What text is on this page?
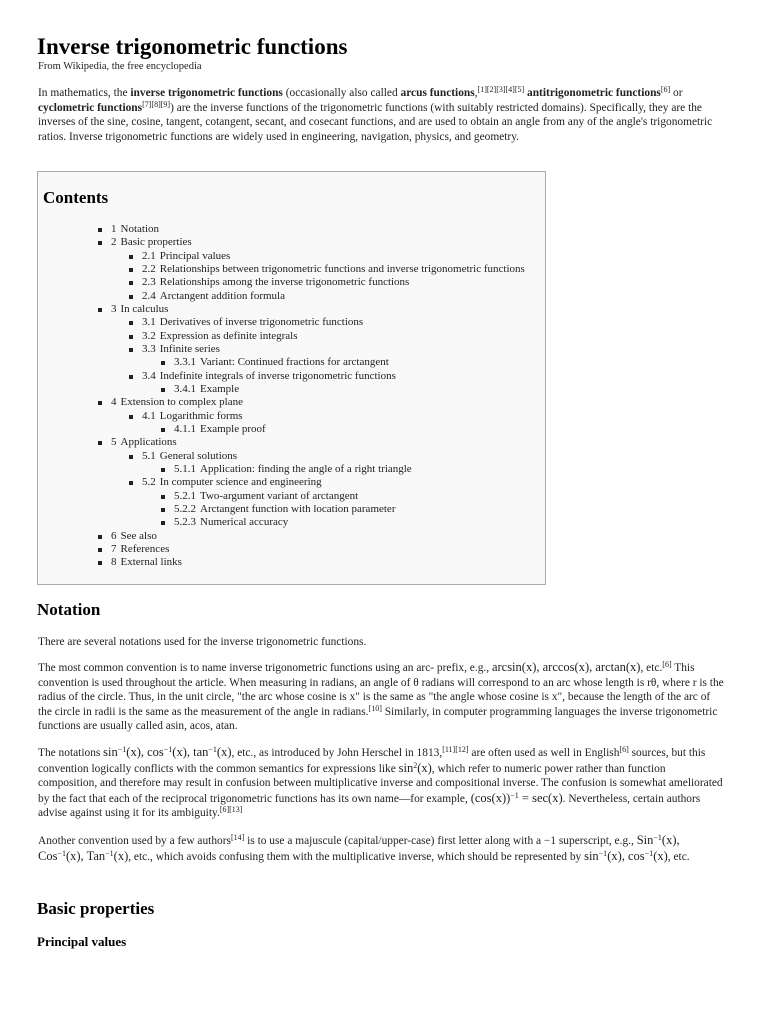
Inverse trigonometric functions
From Wikipedia, the free encyclopedia

In mathematics, the inverse trigonometric functions (occasionally also called arcus functions,[1][2][3][4][5] antitrigonometric functions[6] or cyclometric functions[7][8][9]) are the inverse functions of the trigonometric functions (with suitably restricted domains). Specifically, they are the inverses of the sine, cosine, tangent, cotangent, secant, and cosecant functions, and are used to obtain an angle from any of the angle's trigonometric ratios. Inverse trigonometric functions are widely used in engineering, navigation, physics, and geometry.

Contents
1 Notation
2 Basic properties
2.1 Principal values
2.2 Relationships between trigonometric functions and inverse trigonometric functions
2.3 Relationships among the inverse trigonometric functions
2.4 Arctangent addition formula
3 In calculus
3.1 Derivatives of inverse trigonometric functions
3.2 Expression as definite integrals
3.3 Infinite series
3.3.1 Variant: Continued fractions for arctangent
3.4 Indefinite integrals of inverse trigonometric functions
3.4.1 Example
4 Extension to complex plane
4.1 Logarithmic forms
4.1.1 Example proof
5 Applications
5.1 General solutions
5.1.1 Application: finding the angle of a right triangle
5.2 In computer science and engineering
5.2.1 Two-argument variant of arctangent
5.2.2 Arctangent function with location parameter
5.2.3 Numerical accuracy
6 See also
7 References
8 External links
Notation

There are several notations used for the inverse trigonometric functions.

The most common convention is to name inverse trigonometric functions using an arc- prefix, e.g., arcsin(x), arccos(x), arctan(x), etc.[6] This convention is used throughout the article. When measuring in radians, an angle of θ radians will correspond to an arc whose length is rθ, where r is the radius of the circle. Thus, in the unit circle, "the arc whose cosine is x" is the same as "the angle whose cosine is x", because the length of the arc of the circle in radii is the same as the measurement of the angle in radians.[10] Similarly, in computer programming languages the inverse trigonometric functions are usually called asin, acos, atan.

The notations $\sin^{-1}(x)$, $\cos^{-1}(x)$, $\tan^{-1}(x)$, etc., as introduced by John Herschel in 1813,[11][12] are often used as well in English[6] sources, but this convention logically conflicts with the common semantics for expressions like $\sin^2(x)$, which refer to numeric power rather than function composition, and therefore may result in confusion between multiplicative inverse and compositional inverse. The confusion is somewhat ameliorated by the fact that each of the reciprocal trigonometric functions has its own name—for example, $(\cos(x))^{-1} = \sec(x)$. Nevertheless, certain authors advise against using it for its ambiguity.[6][13]

Another convention used by a few authors[14] is to use a majuscule (capital/upper-case) first letter along with a −1 superscript, e.g., Sin$^{-1}$(x), Cos$^{-1}$(x), Tan$^{-1}$(x), etc., which avoids confusing them with the multiplicative inverse, which should be represented by $\sin^{-1}(x)$, $\cos^{-1}(x)$, etc.

Basic properties
Principal values
